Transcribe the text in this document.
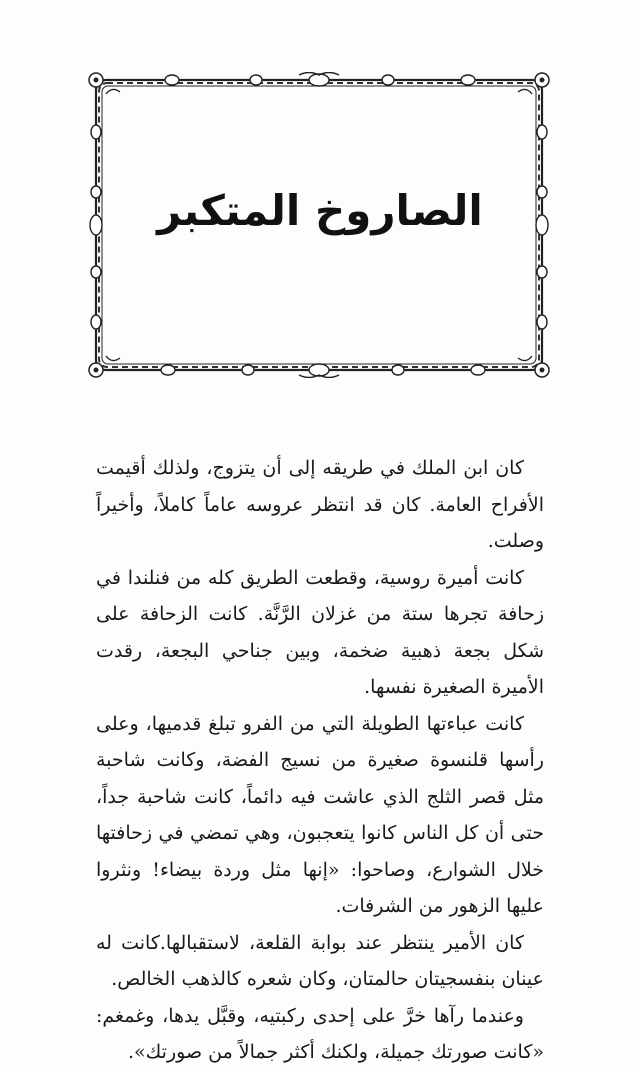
الصاروخ المتكبر

كان ابن الملك في طريقه إلى أن يتزوج، ولذلك أقيمت الأفراح العامة. كان قد انتظر عروسه عاماً كاملاً، وأخيراً وصلت.

كانت أميرة روسية، وقطعت الطريق كله من فنلندا في زحافة تجرها ستة من غزلان الرَّنَّة. كانت الزحافة على شكل بجعة ذهبية ضخمة، وبين جناحي البجعة، رقدت الأميرة الصغيرة نفسها.

كانت عباءتها الطويلة التي من الفرو تبلغ قدميها، وعلى رأسها قلنسوة صغيرة من نسيج الفضة، وكانت شاحبة مثل قصر الثلج الذي عاشت فيه دائماً، كانت شاحبة جداً، حتى أن كل الناس كانوا يتعجبون، وهي تمضي في زحافتها خلال الشوارع، وصاحوا: «إنها مثل وردة بيضاء! ونثروا عليها الزهور من الشرفات.

كان الأمير ينتظر عند بوابة القلعة، لاستقبالها.كانت له عينان بنفسجيتان حالمتان، وكان شعره كالذهب الخالص.

وعندما رآها خرَّ على إحدى ركبتيه، وقبَّل يدها، وغمغم: «كانت صورتك جميلة، ولكنك أكثر جمالاً من صورتك».
